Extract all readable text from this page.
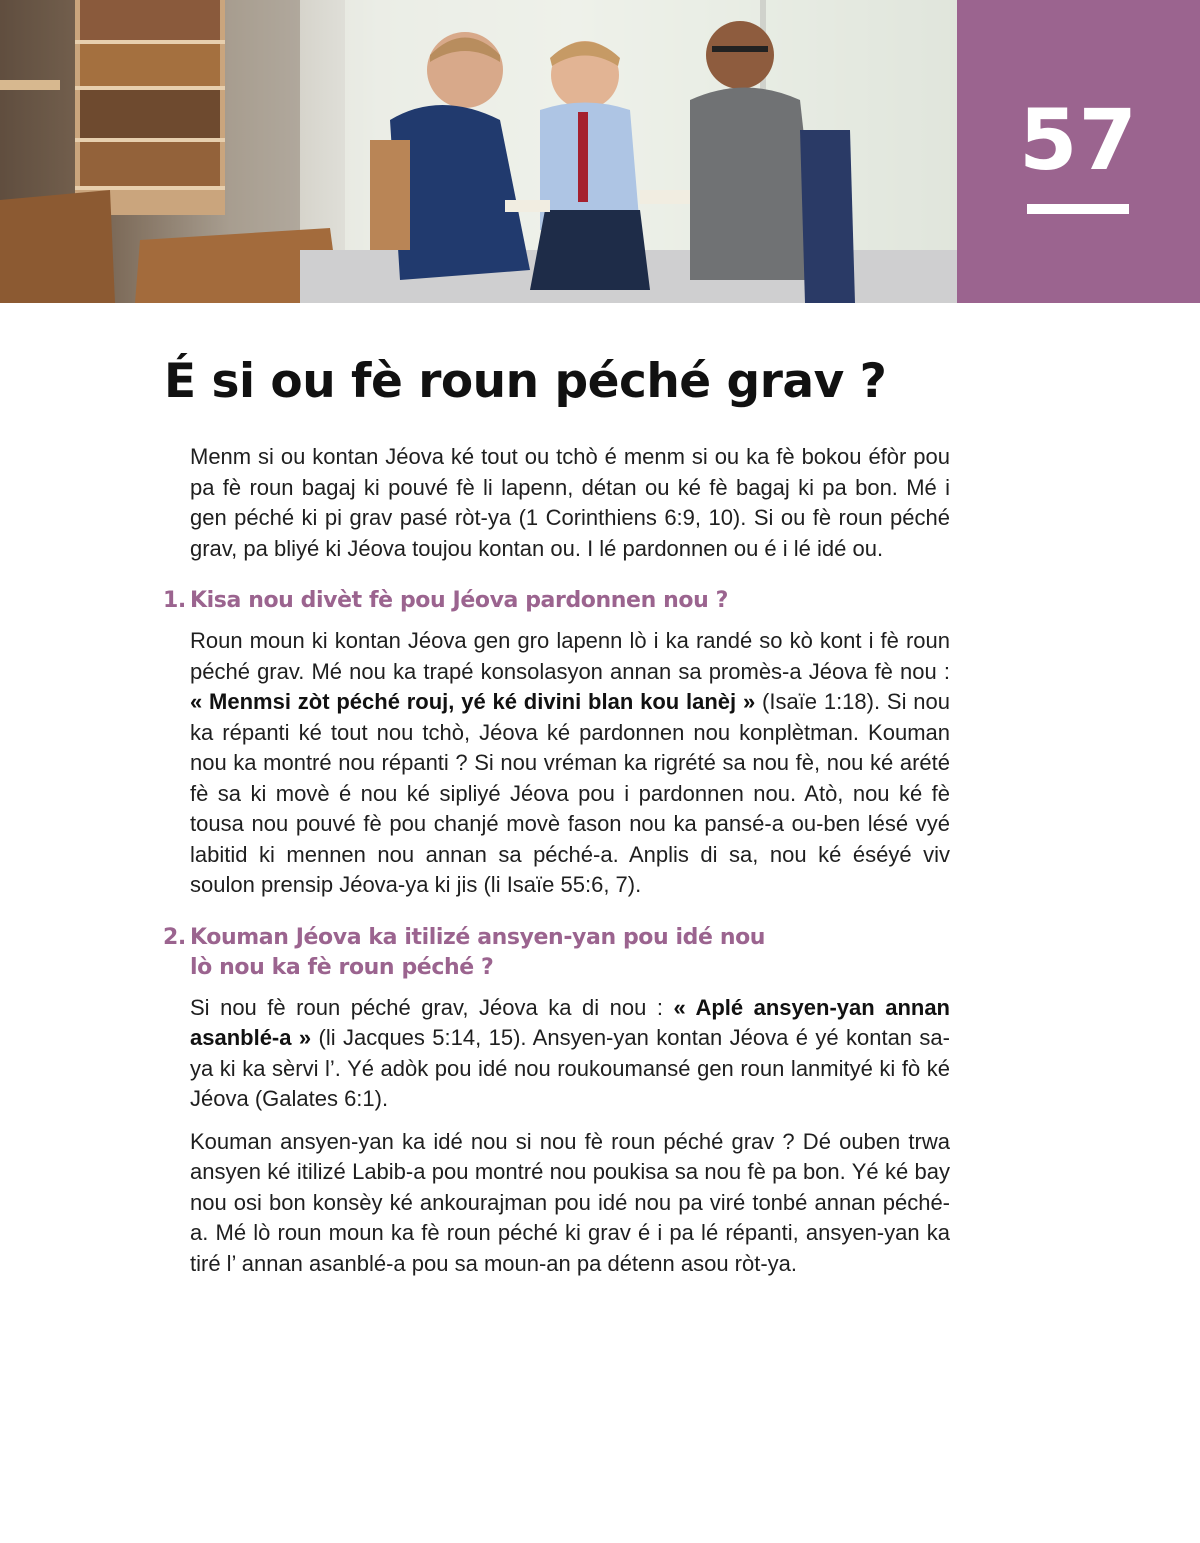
57
É si ou fè roun péché grav ?

Menm si ou kontan Jéova ké tout ou tchò é menm si ou ka fè bokou éfòr pou pa fè roun bagaj ki pouvé fè li lapenn, détan ou ké fè bagaj ki pa bon. Mé i gen péché ki pi grav pasé ròt-ya (1 Corinthiens 6:9, 10). Si ou fè roun péché grav, pa bliyé ki Jéova toujou kontan ou. I lé pardonnen ou é i lé idé ou.

1. Kisa nou divèt fè pou Jéova pardonnen nou ?

Roun moun ki kontan Jéova gen gro lapenn lò i ka randé so kò kont i fè roun péché grav. Mé nou ka trapé konsolasyon annan sa promès-a Jéova fè nou : « Menmsi zòt péché rouj, yé ké divini blan kou lanèj » (Isaïe 1:18). Si nou ka répanti ké tout nou tchò, Jéova ké pardonnen nou konplètman. Kouman nou ka montré nou répanti ? Si nou vréman ka rigrété sa nou fè, nou ké arété fè sa ki movè é nou ké sipliyé Jéova pou i pardonnen nou. Atò, nou ké fè tousa nou pouvé fè pou chanjé movè fason nou ka pansé-a ou-ben lésé vyé labitid ki mennen nou annan sa péché-a. Anplis di sa, nou ké éséyé viv soulon prensip Jéova-ya ki jis (li Isaïe 55:6, 7).

2. Kouman Jéova ka itilizé ansyen-yan pou idé nou
lò nou ka fè roun péché ?

Si nou fè roun péché grav, Jéova ka di nou : « Aplé ansyen-yan annan asanblé-a » (li Jacques 5:14, 15). Ansyen-yan kontan Jéova é yé kontan sa-ya ki ka sèrvi l’. Yé adòk pou idé nou roukoumansé gen roun lanmityé ki fò ké Jéova (Galates 6:1).

Kouman ansyen-yan ka idé nou si nou fè roun péché grav ? Dé ouben trwa ansyen ké itilizé Labib-a pou montré nou poukisa sa nou fè pa bon. Yé ké bay nou osi bon konsèy ké ankourajman pou idé nou pa viré tonbé annan péché-a. Mé lò roun moun ka fè roun péché ki grav é i pa lé répanti, ansyen-yan ka tiré l’ annan asanblé-a pou sa moun-an pa détenn asou ròt-ya.
